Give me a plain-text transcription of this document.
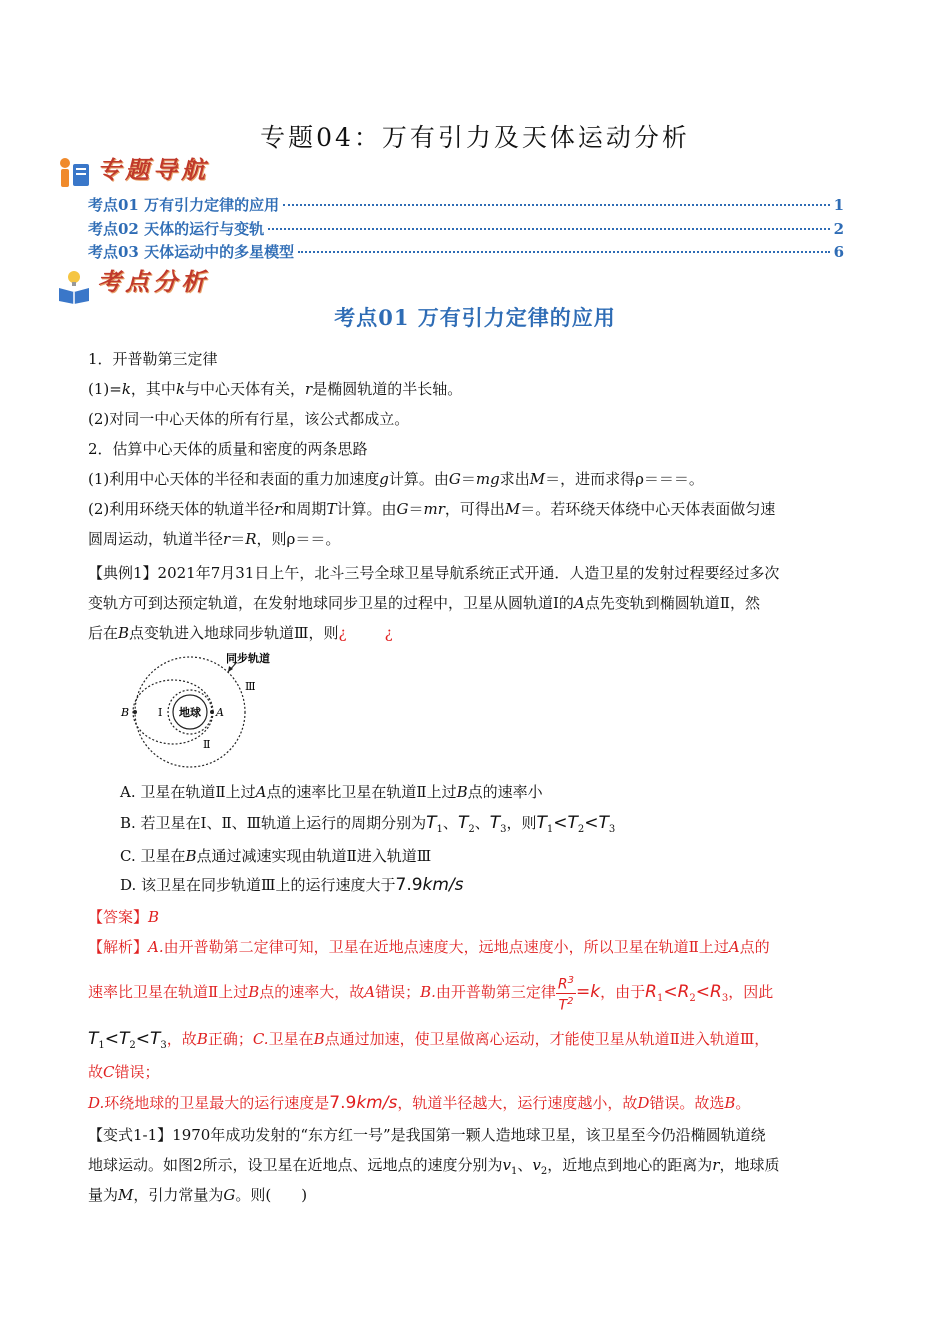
专题04：万有引力及天体运动分析
专题导航
考点01 万有引力定律的应用	1
考点02 天体的运行与变轨	2
考点03 天体运动中的多星模型	6
考点分析
考点01 万有引力定律的应用
1．开普勒第三定律
(1)=k，其中k与中心天体有关，r是椭圆轨道的半长轴。
(2)对同一中心天体的所有行星，该公式都成立。
2．估算中心天体的质量和密度的两条思路
(1)利用中心天体的半径和表面的重力加速度g计算。由G＝mg求出M＝，进而求得ρ＝＝＝。
(2)利用环绕天体的轨道半径r和周期T计算。由G＝mr，可得出M＝。若环绕天体绕中心天体表面做匀速
圆周运动，轨道半径r＝R，则ρ＝＝。
【典例1】2021年7月31日上午，北斗三号全球卫星导航系统正式开通．人造卫星的发射过程要经过多次
变轨方可到达预定轨道，在发射地球同步卫星的过程中，卫星从圆轨道Ⅰ的A点先变轨到椭圆轨道Ⅱ，然
后在B点变轨进入地球同步轨道Ⅲ，则¿	¿
同步轨道
Ⅲ
Ⅱ
Ⅰ 地球 A
B
A. 卫星在轨道Ⅱ上过A点的速率比卫星在轨道Ⅱ上过B点的速率小
B. 若卫星在Ⅰ、Ⅱ、Ⅲ轨道上运行的周期分别为$T_1$、$T_2$、$T_3$，则$T_1<T_2<T_3$
C. 卫星在B点通过减速实现由轨道Ⅱ进入轨道Ⅲ
D. 该卫星在同步轨道Ⅲ上的运行速度大于7.9km/s
【答案】B
【解析】A.由开普勒第二定律可知，卫星在近地点速度大，远地点速度小，所以卫星在轨道Ⅱ上过A点的
速率比卫星在轨道Ⅱ上过B点的速率大，故A错误；B.由开普勒第三定律 $\frac{R^3}{T^2} =k$，由于$R_1<R_2<R_3$，因此
$T_1<T_2<T_3$，故B正确；C.卫星在B点通过加速，使卫星做离心运动，才能使卫星从轨道Ⅱ进入轨道Ⅲ，
故C错误；
D.环绕地球的卫星最大的运行速度是7.9km/s，轨道半径越大，运行速度越小，故D错误。故选B。
【变式1-1】1970年成功发射的“东方红一号”是我国第一颗人造地球卫星，该卫星至今仍沿椭圆轨道绕
地球运动。如图2所示，设卫星在近地点、远地点的速度分别为$v_1$、$v_2$，近地点到地心的距离为r，地球质
量为M，引力常量为G。则(　　)
